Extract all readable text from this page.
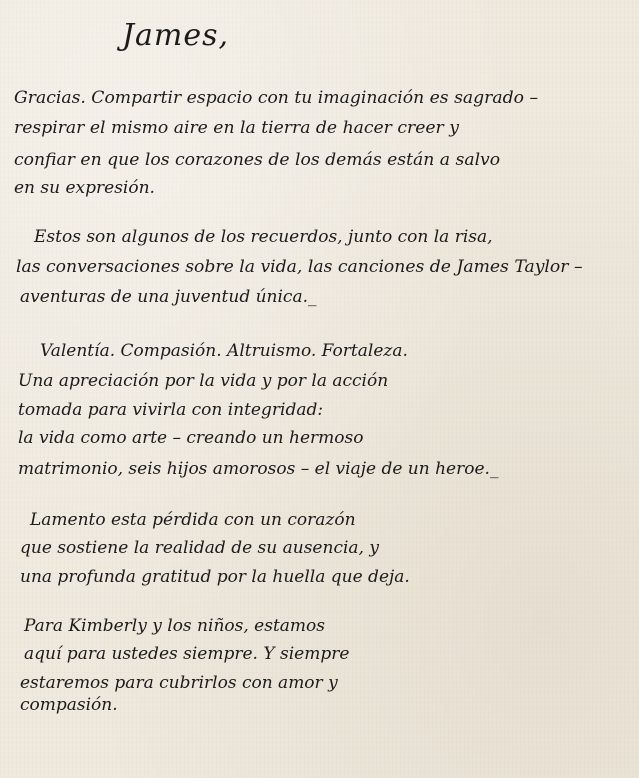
James,
Gracias. Compartir espacio con tu imaginación es sagrado –
respirar el mismo aire en la tierra de hacer creer y
confiar en que los corazones de los demás están a salvo
en su expresión.
Estos son algunos de los recuerdos, junto con la risa,
las conversaciones sobre la vida, las canciones de James Taylor –
aventuras de una juventud única._
Valentía. Compasión. Altruismo. Fortaleza.
Una apreciación por la vida y por la acción
tomada para vivirla con integridad:
la vida como arte – creando un hermoso
matrimonio, seis hijos amorosos – el viaje de un heroe._
Lamento esta pérdida con un corazón
que sostiene la realidad de su ausencia, y
una profunda gratitud por la huella que deja.
Para Kimberly y los niños, estamos
aquí para ustedes siempre. Y siempre
estaremos para cubrirlos con amor y
compasión.
